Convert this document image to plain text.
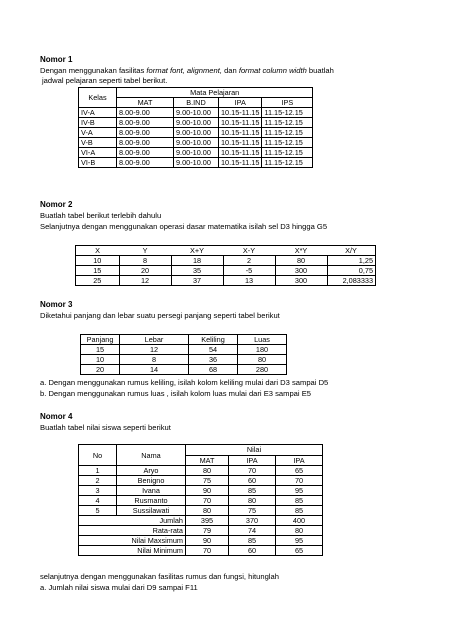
Nomor 1
Dengan menggunakan fasilitas format font, alignment, dan format column width buatlah
jadwal pelajaran seperti tabel berikut.
Kelas	Mata Pelajaran			
	MAT	B.IND	IPA	IPS
IV-A	8.00-9.00	9.00-10.00	10.15-11.15	11.15-12.15
IV-B	8.00-9.00	9.00-10.00	10.15-11.15	11.15-12.15
V-A	8.00-9.00	9.00-10.00	10.15-11.15	11.15-12.15
V-B	8.00-9.00	9.00-10.00	10.15-11.15	11.15-12.15
VI-A	8.00-9.00	9.00-10.00	10.15-11.15	11.15-12.15
VI-B	8.00-9.00	9.00-10.00	10.15-11.15	11.15-12.15
Nomor 2
Buatlah tabel berikut terlebih dahulu
Selanjutnya dengan menggunakan operasi dasar matematika isilah sel D3 hingga G5
X	Y	X+Y	X-Y	X*Y	X/Y
10	8	18	2	80	1,25
15	20	35	-5	300	0,75
25	12	37	13	300	2,083333
Nomor 3
Diketahui panjang dan lebar suatu persegi panjang seperti tabel berikut
Panjang	Lebar	Keliling	Luas
15	12	54	180
10	8	36	80
20	14	68	280
a. Dengan menggunakan rumus keliling, isilah kolom keliling mulai dari D3 sampai D5
b. Dengan menggunakan rumus luas , isilah kolom luas mulai dari E3 sampai E5
Nomor 4
Buatlah tabel nilai siswa seperti berikut
No	Nama	Nilai		
		MAT	IPA	IPA
1	Aryo	80	70	65
2	Benigno	75	60	70
3	Ivana	90	85	95
4	Rusmanto	70	80	85
5	Sussilawati	80	75	85
Jumlah		395	370	400
Rata-rata		79	74	80
Nilai Maxsimum		90	85	95
Nilai Minimum		70	60	65
selanjutnya dengan menggunakan fasilitas rumus dan fungsi, hitunglah
a. Jumlah nilai siswa mulai dari D9 sampai F11
